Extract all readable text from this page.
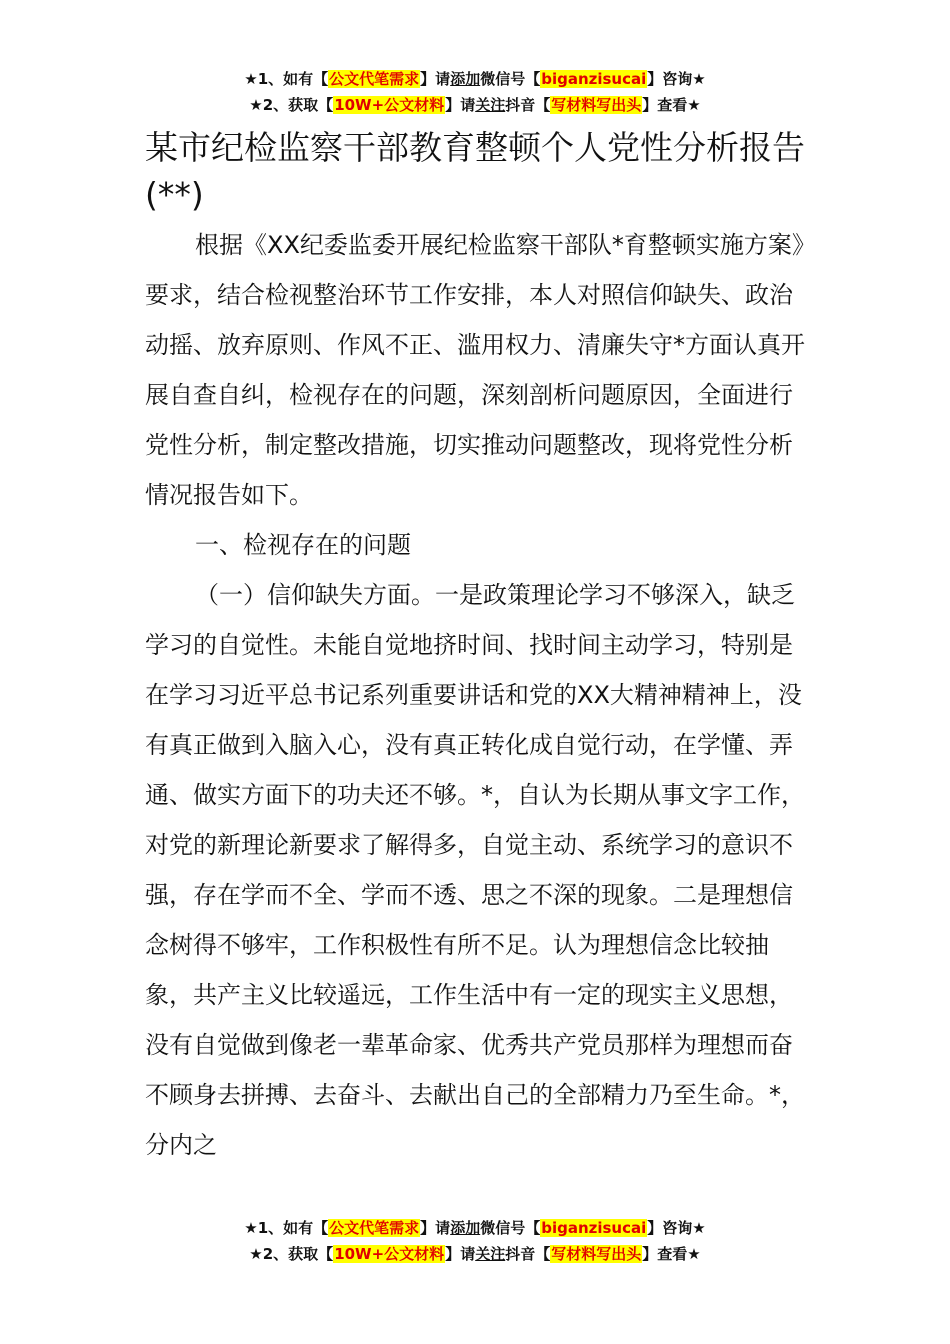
★1、如有【公文代笔需求】请添加微信号【biganzisucai】咨询★
★2、获取【10W+公文材料】请关注抖音【写材料写出头】查看★
某市纪检监察干部教育整顿个人党性分析报告(**)

根据《XX纪委监委开展纪检监察干部队*育整顿实施方案》要求，结合检视整治环节工作安排，本人对照信仰缺失、政治动摇、放弃原则、作风不正、滥用权力、清廉失守*方面认真开展自查自纠，检视存在的问题，深刻剖析问题原因，全面进行党性分析，制定整改措施，切实推动问题整改，现将党性分析情况报告如下。

一、检视存在的问题

（一）信仰缺失方面。一是政策理论学习不够深入，缺乏学习的自觉性。未能自觉地挤时间、找时间主动学习，特别是在学习习近平总书记系列重要讲话和党的XX大精神精神上，没有真正做到入脑入心，没有真正转化成自觉行动，在学懂、弄通、做实方面下的功夫还不够。*，自认为长期从事文字工作，对党的新理论新要求了解得多，自觉主动、系统学习的意识不强，存在学而不全、学而不透、思之不深的现象。二是理想信念树得不够牢，工作积极性有所不足。认为理想信念比较抽象，共产主义比较遥远，工作生活中有一定的现实主义思想，没有自觉做到像老一辈革命家、优秀共产党员那样为理想而奋不顾身去拼搏、去奋斗、去献出自己的全部精力乃至生命。*，分内之

★1、如有【公文代笔需求】请添加微信号【biganzisucai】咨询★
★2、获取【10W+公文材料】请关注抖音【写材料写出头】查看★
